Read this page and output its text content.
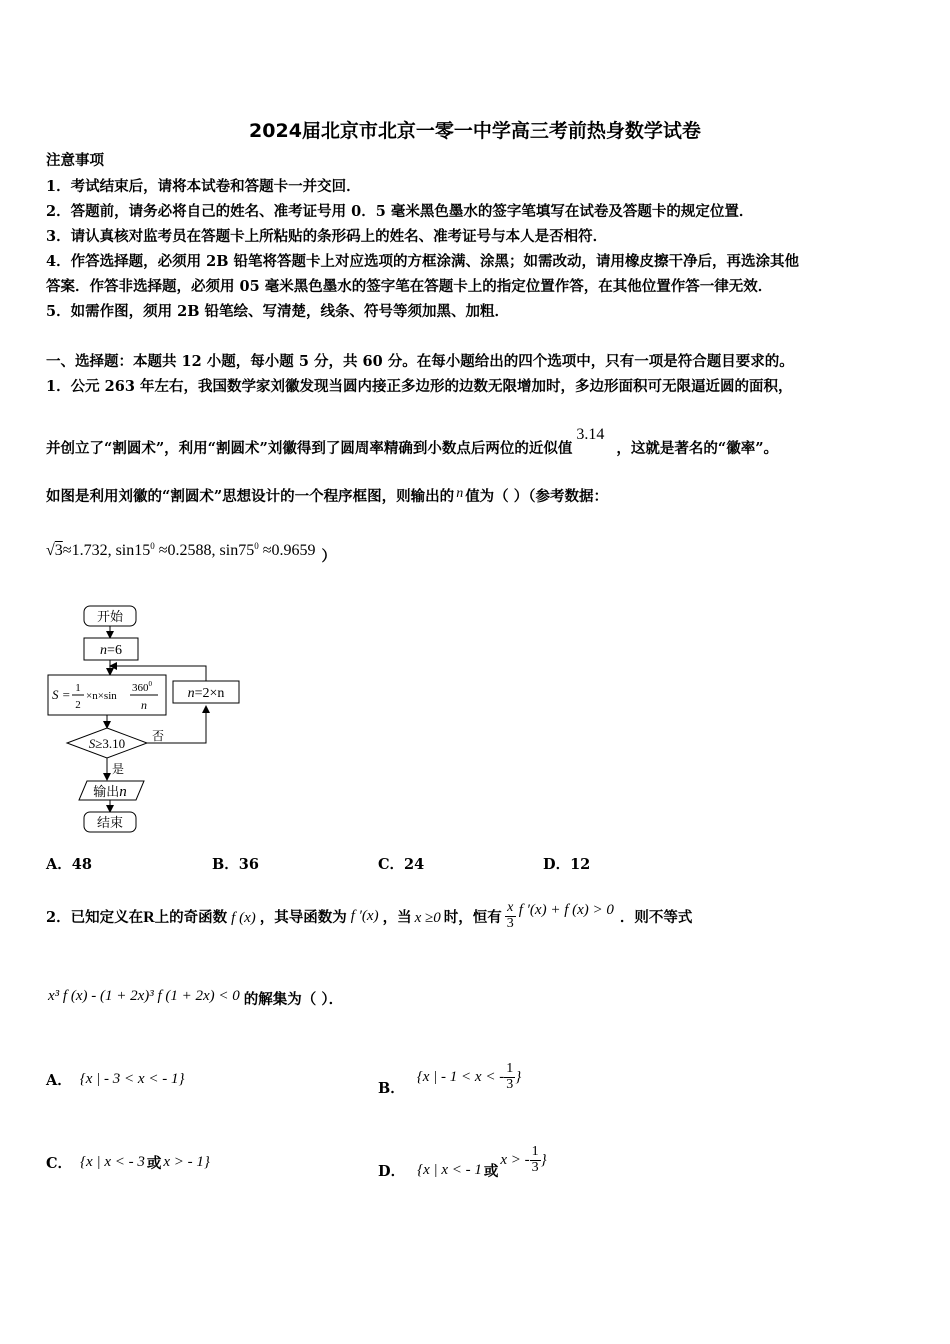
2024届北京市北京一零一中学高三考前热身数学试卷
注意事项
1．考试结束后，请将本试卷和答题卡一并交回．
2．答题前，请务必将自己的姓名、准考证号用 0．5 毫米黑色墨水的签字笔填写在试卷及答题卡的规定位置．
3．请认真核对监考员在答题卡上所粘贴的条形码上的姓名、准考证号与本人是否相符．
4．作答选择题，必须用 2B 铅笔将答题卡上对应选项的方框涂满、涂黑；如需改动，请用橡皮擦干净后，再选涂其他
答案．作答非选择题，必须用 05 毫米黑色墨水的签字笔在答题卡上的指定位置作答，在其他位置作答一律无效．
5．如需作图，须用 2B 铅笔绘、写清楚，线条、符号等须加黑、加粗．
一、选择题：本题共 12 小题，每小题 5 分，共 60 分。在每小题给出的四个选项中，只有一项是符合题目要求的。
1．公元 263 年左右，我国数学家刘徽发现当圆内接正多边形的边数无限增加时，多边形面积可无限逼近圆的面积，
并创立了“割圆术”，利用“割圆术”刘徽得到了圆周率精确到小数点后两位的近似值3.14，这就是著名的“徽率”。
如图是利用刘徽的“割圆术”思想设计的一个程序框图，则输出的 n 值为（ ）（参考数据：
√3≈1.732, $\sin 15^0 \approx 0.2588$, $\sin 75^0 \approx 0.9659$ ）
开始
n=6
S = 1
2
×n×sin
$360^0$
n
n=2×n
S≥3.10 否
是
输出n
结束
A．48	B．36	C．24	D．12
2．已知定义在R上的奇函数 f (x) ，其导函数为 f ′(x) ，当 x ≥0 时，恒有 $\frac{x}{3}$ f ′(x) + f (x) > 0 ．则不等式
x³ f (x) - (1 + 2x)³ f (1 + 2x) < 0 的解集为（ ）．
A． {x | - 3 < x < - 1}
B．{x | - 1 < x < - $\frac{1}{3}$ }
C． {x | x < - 3 或 x > - 1}
D． {x | x < - 1 或x > - $\frac{1}{3}$ }
